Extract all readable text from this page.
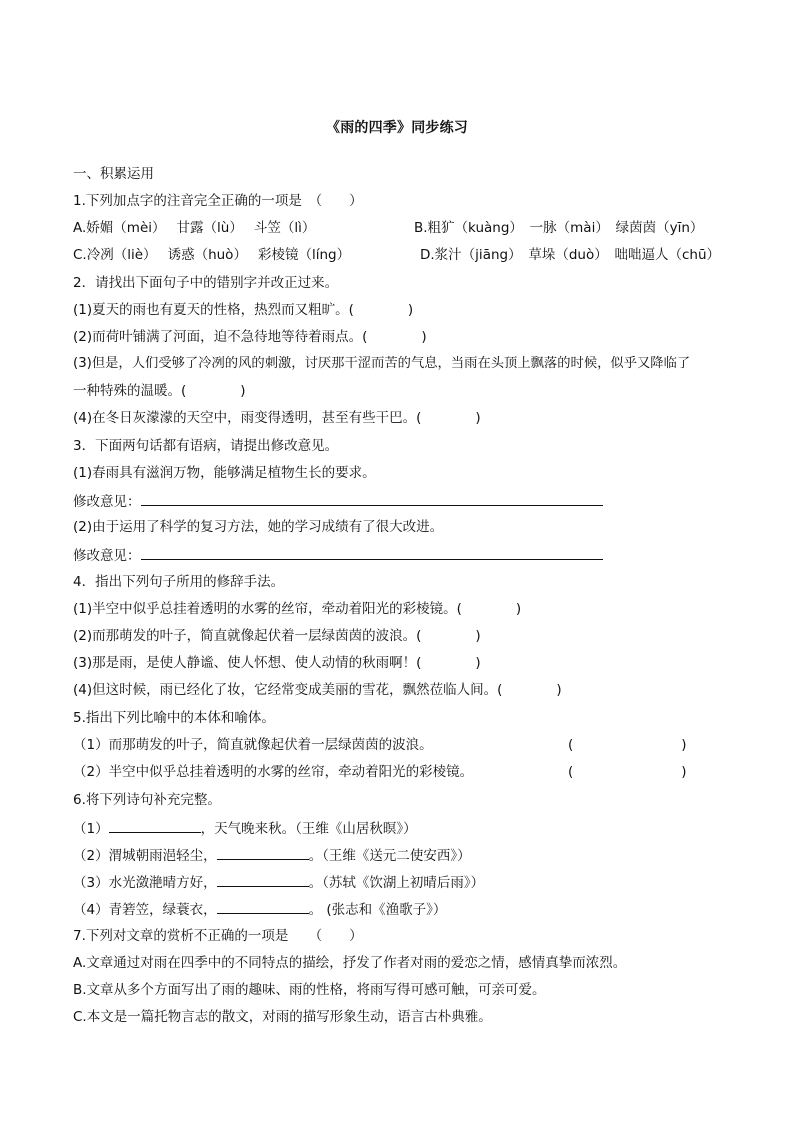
《雨的四季》同步练习
一、积累运用
1.下列加点字的注音完全正确的一项是　（　　）
A.娇媚（mèi）　 甘露（lù）　 斗笠（lì）	B.粗犷（kuàng）　一脉（mài）　绿茵茵（yīn）
C.冷冽（liè）　 诱惑（huò）　 彩棱镜（líng）	D.浆汁（jiāng）　草垛（duò）　咄咄逼人（chū）
2．请找出下面句子中的错别字并改正过来。
(1)夏天的雨也有夏天的性格，热烈而又粗旷。(　　　　)
(2)而荷叶铺满了河面，迫不急待地等待着雨点。(　　　　)
(3)但是，人们受够了冷冽的风的刺激，讨厌那干涩而苦的气息，当雨在头顶上飘落的时候，似乎又降临了
一种特殊的温暖。(　　　　)
(4)在冬日灰濛濛的天空中，雨变得透明，甚至有些干巴。(　　　　)
3．下面两句话都有语病，请提出修改意见。
(1)春雨具有滋润万物，能够满足植物生长的要求。
修改意见：
(2)由于运用了科学的复习方法，她的学习成绩有了很大改进。
修改意见：
4．指出下列句子所用的修辞手法。
(1)半空中似乎总挂着透明的水雾的丝帘，牵动着阳光的彩棱镜。(　　　　)
(2)而那萌发的叶子，简直就像起伏着一层绿茵茵的波浪。(　　　　)
(3)那是雨，是使人静谧、使人怀想、使人动情的秋雨啊！(　　　　)
(4)但这时候，雨已经化了妆，它经常变成美丽的雪花，飘然莅临人间。(　　　　)
5.指出下列比喻中的本体和喻体。
（1）而那萌发的叶子，简直就像起伏着一层绿茵茵的波浪。	(　　　　　　　　)
（2）半空中似乎总挂着透明的水雾的丝帘，牵动着阳光的彩棱镜。	(　　　　　　　　)
6.将下列诗句补充完整。
（1）	，天气晚来秋。（王维《山居秋暝》）
（2）渭城朝雨浥轻尘，	。（王维《送元二使安西》）
（3）水光潋滟晴方好，	。（苏轼《饮湖上初晴后雨》）
（4）青箬笠，绿蓑衣，	。 (张志和《渔歌子》）
7.下列对文章的赏析不正确的一项是　　（　　）
A.文章通过对雨在四季中的不同特点的描绘，抒发了作者对雨的爱恋之情，感情真挚而浓烈。
B.文章从多个方面写出了雨的趣味、雨的性格，将雨写得可感可触，可亲可爱。
C.本文是一篇托物言志的散文，对雨的描写形象生动，语言古朴典雅。
